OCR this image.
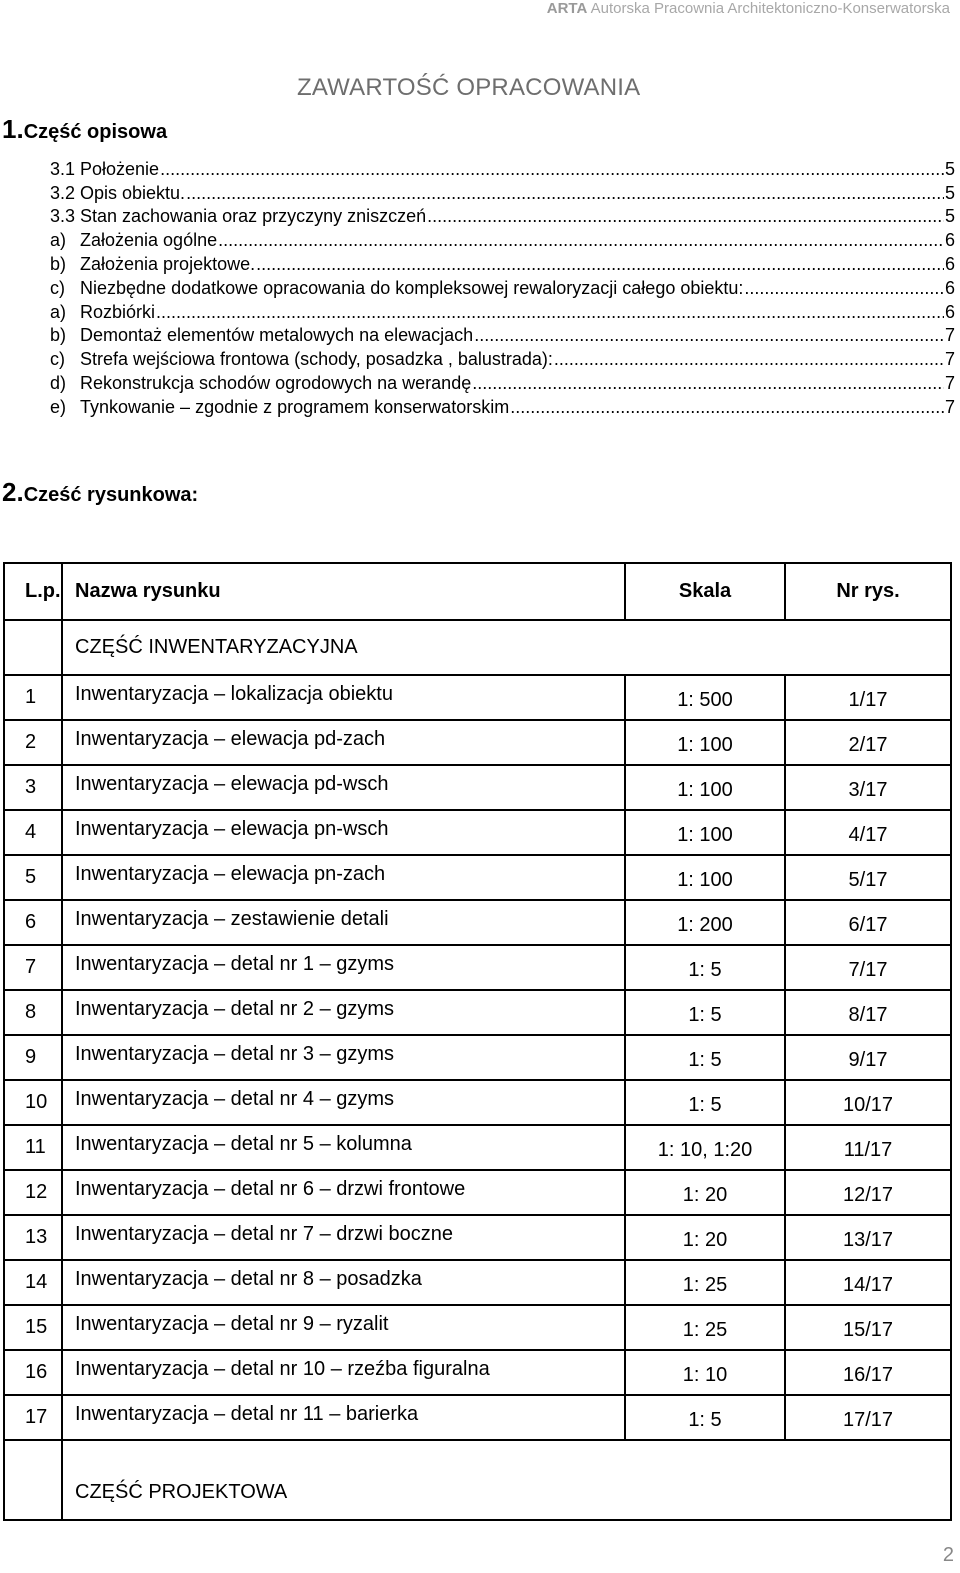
ARTA Autorska Pracownia Architektoniczno-Konserwatorska
ZAWARTOŚĆ OPRACOWANIA
1.Część opisowa
3.1 Położenie .....	5
3.2 Opis obiektu. .....	5
3.3 Stan zachowania oraz przyczyny zniszczeń .....	5
a) Założenia ogólne .....	6
b) Założenia projektowe. .....	6
c) Niezbędne dodatkowe opracowania do kompleksowej rewaloryzacji całego obiektu: .....	6
a) Rozbiórki .....	6
b) Demontaż elementów metalowych na elewacjach .....	7
c) Strefa wejściowa frontowa (schody, posadzka , balustrada): .....	7
d) Rekonstrukcja schodów ogrodowych na werandę .....	7
e) Tynkowanie – zgodnie z programem konserwatorskim .....	7
2.Cześć rysunkowa:
L.p.	Nazwa rysunku	Skala	Nr rys.
	CZĘŚĆ INWENTARYZACYJNA		
1	Inwentaryzacja – lokalizacja obiektu	1: 500	1/17
2	Inwentaryzacja – elewacja pd-zach	1: 100	2/17
3	Inwentaryzacja – elewacja pd-wsch	1: 100	3/17
4	Inwentaryzacja – elewacja pn-wsch	1: 100	4/17
5	Inwentaryzacja – elewacja pn-zach	1: 100	5/17
6	Inwentaryzacja – zestawienie detali	1: 200	6/17
7	Inwentaryzacja – detal nr 1 – gzyms	1: 5	7/17
8	Inwentaryzacja – detal nr 2 – gzyms	1: 5	8/17
9	Inwentaryzacja – detal nr 3 – gzyms	1: 5	9/17
10	Inwentaryzacja – detal nr 4 – gzyms	1: 5	10/17
11	Inwentaryzacja – detal nr 5 – kolumna	1: 10, 1:20	11/17
12	Inwentaryzacja – detal nr 6 – drzwi frontowe	1: 20	12/17
13	Inwentaryzacja – detal nr 7 – drzwi boczne	1: 20	13/17
14	Inwentaryzacja – detal nr 8 – posadzka	1: 25	14/17
15	Inwentaryzacja – detal nr 9 – ryzalit	1: 25	15/17
16	Inwentaryzacja – detal nr 10 – rzeźba figuralna	1: 10	16/17
17	Inwentaryzacja – detal nr 11 – barierka	1: 5	17/17
	CZĘŚĆ PROJEKTOWA		
2
